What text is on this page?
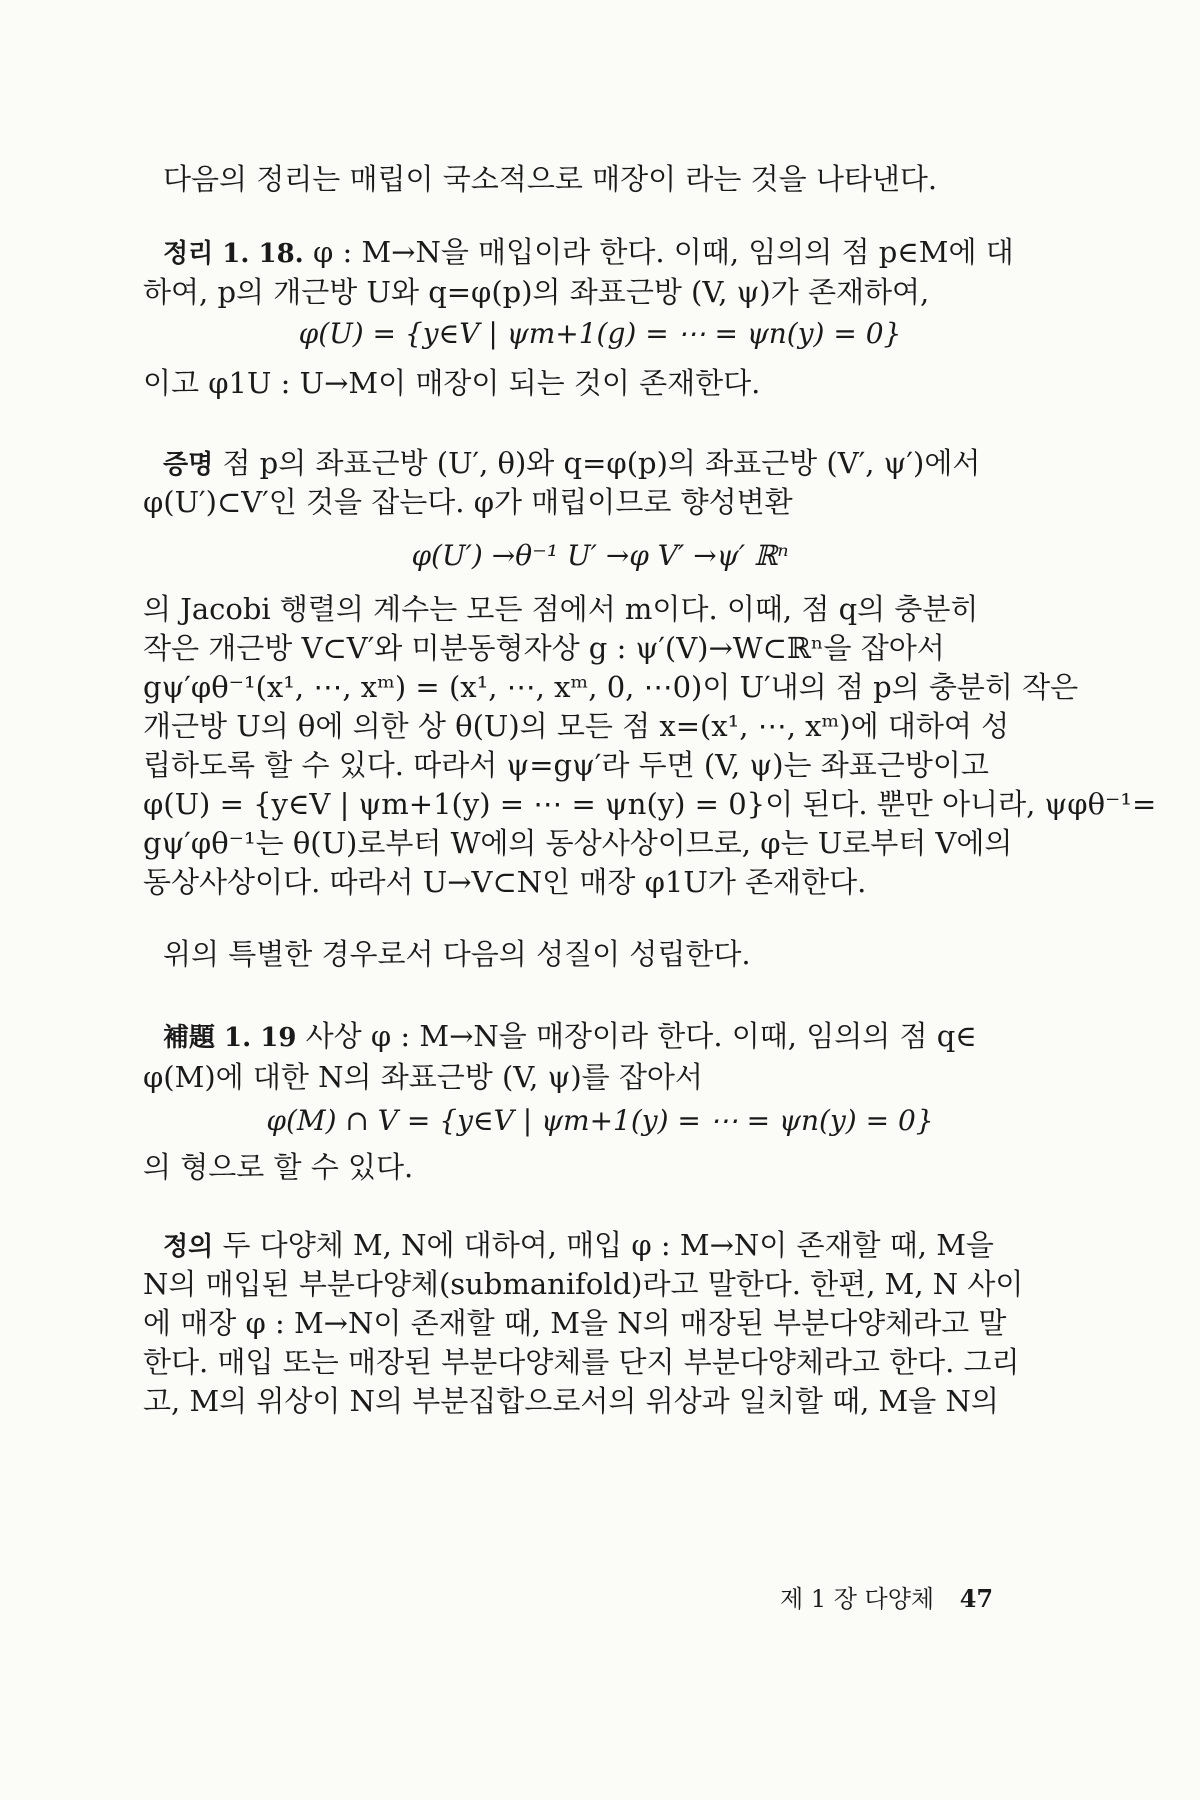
다음의 정리는 매립이 국소적으로 매장이 라는 것을 나타낸다.
정리 1. 18. φ : M→N을 매입이라 한다. 이때, 임의의 점 p∈M에 대
하여, p의 개근방 U와 q=φ(p)의 좌표근방 (V, ψ)가 존재하여,
φ(U) = {y∈V | ψm+1(g) = ⋯ = ψn(y) = 0}
이고 φ1U : U→M이 매장이 되는 것이 존재한다.
증명 점 p의 좌표근방 (U′, θ)와 q=φ(p)의 좌표근방 (V′, ψ′)에서
φ(U′)⊂V′인 것을 잡는다. φ가 매립이므로 향성변환
φ(U′) →θ⁻¹ U′ →φ V′ →ψ′ ℝⁿ
의 Jacobi 행렬의 계수는 모든 점에서 m이다. 이때, 점 q의 충분히
작은 개근방 V⊂V′와 미분동형자상 g : ψ′(V)→W⊂ℝⁿ을 잡아서
gψ′φθ⁻¹(x¹, ⋯, xᵐ) = (x¹, ⋯, xᵐ, 0, ⋯0)이 U′내의 점 p의 충분히 작은
개근방 U의 θ에 의한 상 θ(U)의 모든 점 x=(x¹, ⋯, xᵐ)에 대하여 성
립하도록 할 수 있다. 따라서 ψ=gψ′라 두면 (V, ψ)는 좌표근방이고
φ(U) = {y∈V | ψm+1(y) = ⋯ = ψn(y) = 0}이 된다. 뿐만 아니라, ψφθ⁻¹=
gψ′φθ⁻¹는 θ(U)로부터 W에의 동상사상이므로, φ는 U로부터 V에의
동상사상이다. 따라서 U→V⊂N인 매장 φ1U가 존재한다.
위의 특별한 경우로서 다음의 성질이 성립한다.
補題 1. 19 사상 φ : M→N을 매장이라 한다. 이때, 임의의 점 q∈
φ(M)에 대한 N의 좌표근방 (V, ψ)를 잡아서
φ(M) ∩ V = {y∈V | ψm+1(y) = ⋯ = ψn(y) = 0}
의 형으로 할 수 있다.
정의 두 다양체 M, N에 대하여, 매입 φ : M→N이 존재할 때, M을
N의 매입된 부분다양체(submanifold)라고 말한다. 한편, M, N 사이
에 매장 φ : M→N이 존재할 때, M을 N의 매장된 부분다양체라고 말
한다. 매입 또는 매장된 부분다양체를 단지 부분다양체라고 한다. 그리
고, M의 위상이 N의 부분집합으로서의 위상과 일치할 때, M을 N의
제 1 장 다양체 47
